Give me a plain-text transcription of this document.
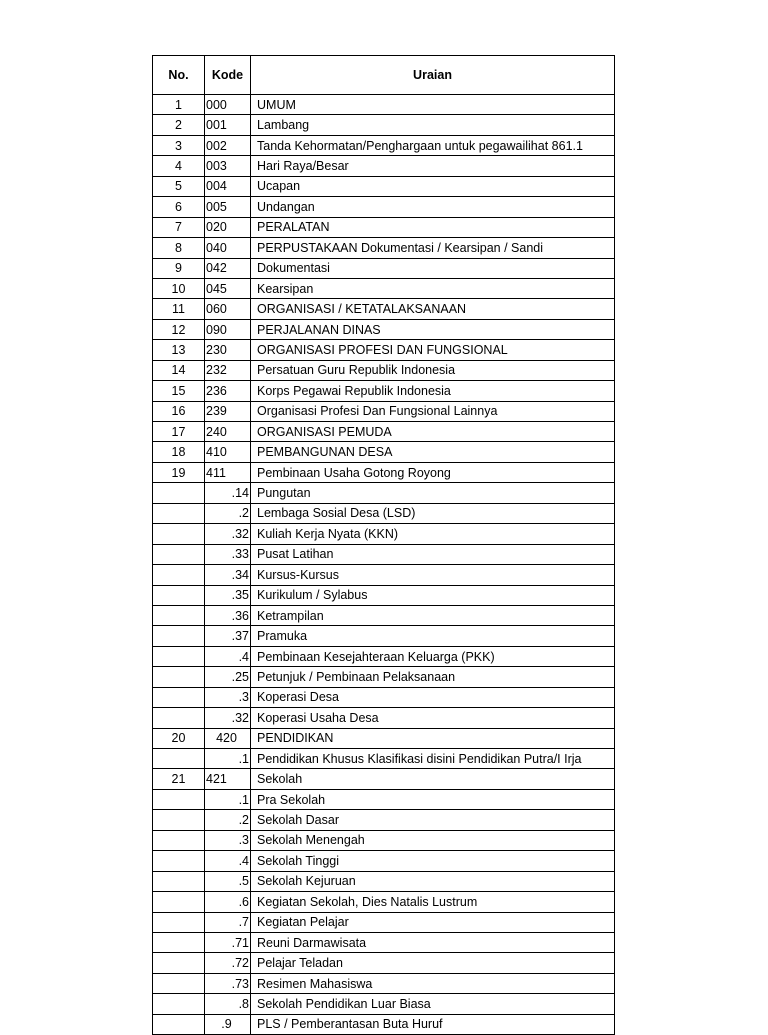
No.	Kode	Uraian
1	000	UMUM
2	001	Lambang
3	002	Tanda Kehormatan/Penghargaan untuk pegawailihat 861.1
4	003	Hari Raya/Besar
5	004	Ucapan
6	005	Undangan
7	020	PERALATAN
8	040	PERPUSTAKAAN Dokumentasi / Kearsipan / Sandi
9	042	Dokumentasi
10	045	Kearsipan
11	060	ORGANISASI / KETATALAKSANAAN
12	090	PERJALANAN DINAS
13	230	ORGANISASI PROFESI DAN FUNGSIONAL
14	232	Persatuan Guru Republik Indonesia
15	236	Korps Pegawai Republik Indonesia
16	239	Organisasi Profesi Dan Fungsional Lainnya
17	240	ORGANISASI PEMUDA
18	410	PEMBANGUNAN DESA
19	411	Pembinaan Usaha Gotong Royong
	.14	Pungutan
	.2	Lembaga Sosial Desa (LSD)
	.32	Kuliah Kerja Nyata (KKN)
	.33	Pusat Latihan
	.34	Kursus-Kursus
	.35	Kurikulum / Sylabus
	.36	Ketrampilan
	.37	Pramuka
	.4	Pembinaan Kesejahteraan Keluarga (PKK)
	.25	Petunjuk / Pembinaan Pelaksanaan
	.3	Koperasi Desa
	.32	Koperasi Usaha Desa
20	420	PENDIDIKAN
	.1	Pendidikan Khusus Klasifikasi disini Pendidikan Putra/I Irja
21	421	Sekolah
	.1	Pra Sekolah
	.2	Sekolah Dasar
	.3	Sekolah Menengah
	.4	Sekolah Tinggi
	.5	Sekolah Kejuruan
	.6	Kegiatan Sekolah, Dies Natalis Lustrum
	.7	Kegiatan Pelajar
	.71	Reuni Darmawisata
	.72	Pelajar Teladan
	.73	Resimen Mahasiswa
	.8	Sekolah Pendidikan Luar Biasa
	.9	PLS / Pemberantasan Buta Huruf
